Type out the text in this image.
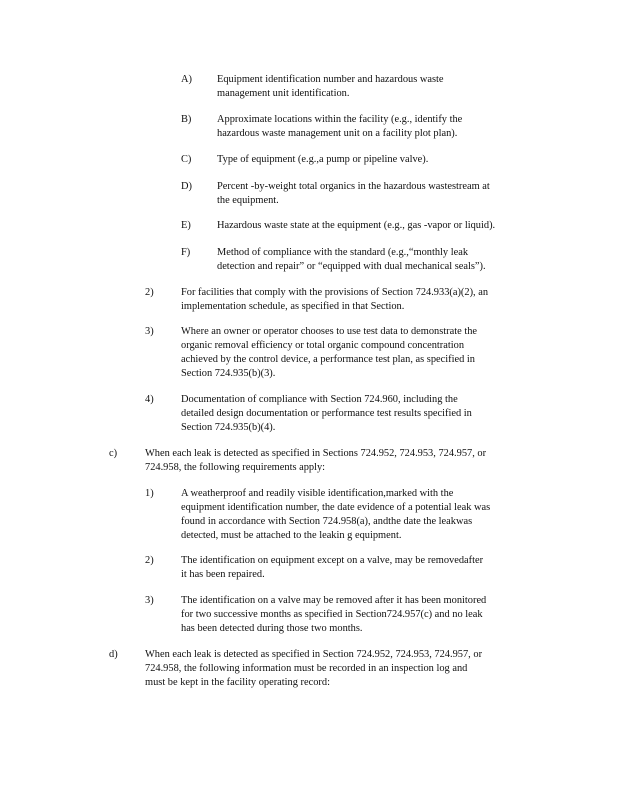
A) Equipment identification number and hazardous waste
management unit identification.
B) Approximate locations within the facility (e.g., identify the
hazardous waste management unit on a facility plot plan).
C) Type of equipment (e.g.,a pump or pipeline valve).
D) Percent -by-weight total organics in the hazardous wastestream at
the equipment.
E)	Hazardous waste state at the equipment (e.g., gas -vapor or liquid).
F)	Method of compliance with the standard (e.g.,“monthly leak
detection and repair” or “equipped with dual mechanical seals”).
2)	For facilities that comply with the provisions of Section 724.933(a)(2), an
implementation schedule, as specified in that Section.
3)	Where an owner or operator chooses to use test data to demonstrate the
organic removal efficiency or total organic compound concentration
achieved by the control device, a performance test plan, as specified in
Section 724.935(b)(3).
4)	Documentation of compliance with Section 724.960, including the
detailed design documentation or performance test results specified in
Section 724.935(b)(4).
c)	When each leak is detected as specified in Sections 724.952, 724.953, 724.957, or
724.958, the following requirements apply:
1)	A weatherproof and readily visible identification,marked with the
equipment identification number, the date evidence of a potential leak was
found in accordance with Section 724.958(a), andthe date the leakwas
detected, must be attached to the leakin g equipment.
2)	The identification on equipment except on a valve, may be removedafter
it has been repaired.
3)	The identification on a valve may be removed after it has been monitored
for two successive months as specified in Section724.957(c) and no leak
has been detected during those two months.
d)	When each leak is detected as specified in Section 724.952, 724.953, 724.957, or
724.958, the following information must be recorded in an inspection log and
must be kept in the facility operating record:
